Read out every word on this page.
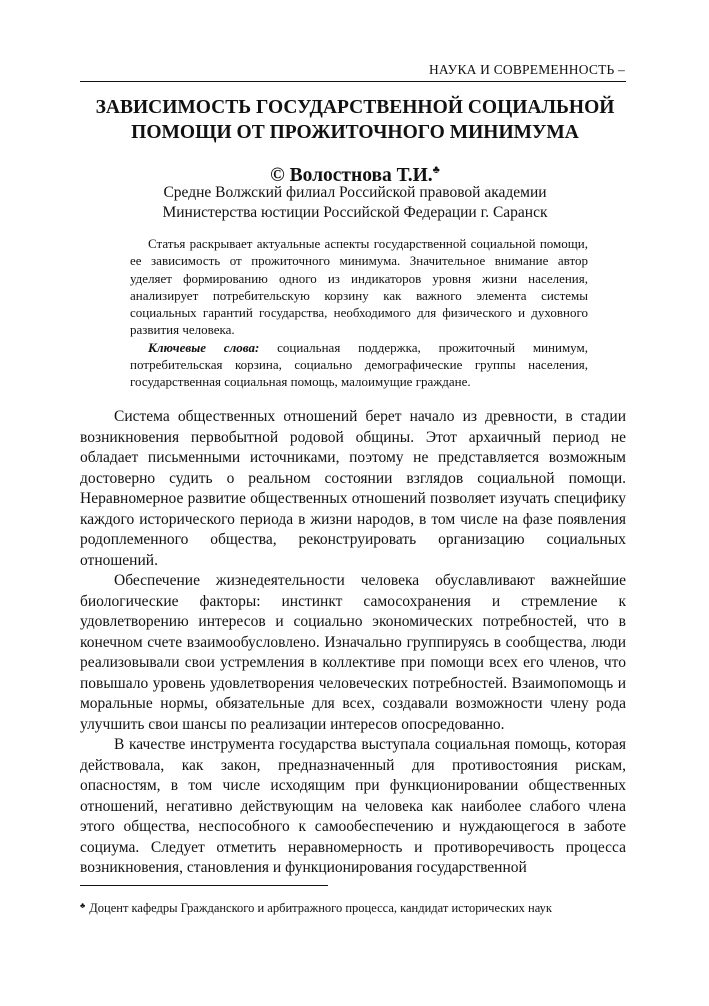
НАУКА И СОВРЕМЕННОСТЬ –
ЗАВИСИМОСТЬ ГОСУДАРСТВЕННОЙ СОЦИАЛЬНОЙ
ПОМОЩИ ОТ ПРОЖИТОЧНОГО МИНИМУМА
© Волостнова Т.И.♣
Средне Волжский филиал Российской правовой академии
Министерства юстиции Российской Федерации г. Саранск

Статья раскрывает актуальные аспекты государственной социальной помощи, ее зависимость от прожиточного минимума. Значительное внимание автор уделяет формированию одного из индикаторов уровня жизни населения, анализирует потребительскую корзину как важного элемента системы социальных гарантий государства, необходимого для физического и духовного развития человека.

Ключевые слова: социальная поддержка, прожиточный минимум, потребительская корзина, социально демографические группы населения, государственная социальная помощь, малоимущие граждане.

Система общественных отношений берет начало из древности, в стадии возникновения первобытной родовой общины. Этот архаичный период не обладает письменными источниками, поэтому не представляется возможным достоверно судить о реальном состоянии взглядов социальной помощи. Неравномерное развитие общественных отношений позволяет изучать специфику каждого исторического периода в жизни народов, в том числе на фазе появления родоплеменного общества, реконструировать организацию социальных отношений.

Обеспечение жизнедеятельности человека обуславливают важнейшие биологические факторы: инстинкт самосохранения и стремление к удовлетворению интересов и социально экономических потребностей, что в конечном счете взаимообусловлено. Изначально группируясь в сообщества, люди реализовывали свои устремления в коллективе при помощи всех его членов, что повышало уровень удовлетворения человеческих потребностей. Взаимопомощь и моральные нормы, обязательные для всех, создавали возможности члену рода улучшить свои шансы по реализации интересов опосредованно.

В качестве инструмента государства выступала социальная помощь, которая действовала, как закон, предназначенный для противостояния рискам, опасностям, в том числе исходящим при функционировании общественных отношений, негативно действующим на человека как наиболее слабого члена этого общества, неспособного к самообеспечению и нуждающегося в заботе социума. Следует отметить неравномерность и противоречивость процесса возникновения, становления и функционирования государственной

♣ Доцент кафедры Гражданского и арбитражного процесса, кандидат исторических наук
